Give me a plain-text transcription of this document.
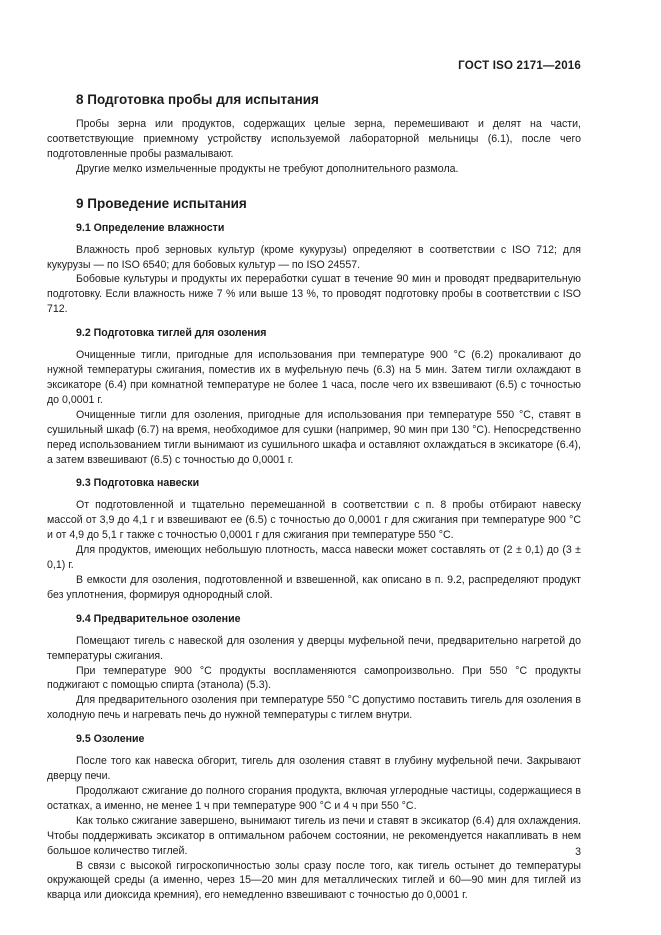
ГОСТ ISO 2171—2016
8 Подготовка пробы для испытания

Пробы зерна или продуктов, содержащих целые зерна, перемешивают и делят на части, соответствующие приемному устройству используемой лабораторной мельницы (6.1), после чего подготовленные пробы размалывают.

Другие мелко измельченные продукты не требуют дополнительного размола.

9 Проведение испытания
9.1 Определение влажности

Влажность проб зерновых культур (кроме кукурузы) определяют в соответствии с ISO 712; для кукурузы — по ISO 6540; для бобовых культур — по ISO 24557.

Бобовые культуры и продукты их переработки сушат в течение 90 мин и проводят предварительную подготовку. Если влажность ниже 7 % или выше 13 %, то проводят подготовку пробы в соответствии с ISO 712.

9.2 Подготовка тиглей для озоления

Очищенные тигли, пригодные для использования при температуре 900 °С (6.2) прокаливают до нужной температуры сжигания, поместив их в муфельную печь (6.3) на 5 мин. Затем тигли охлаждают в эксикаторе (6.4) при комнатной температуре не более 1 часа, после чего их взвешивают (6.5) с точностью до 0,0001 г.

Очищенные тигли для озоления, пригодные для использования при температуре 550 °С, ставят в сушильный шкаф (6.7) на время, необходимое для сушки (например, 90 мин при 130 °С). Непосредственно перед использованием тигли вынимают из сушильного шкафа и оставляют охлаждаться в эксикаторе (6.4), а затем взвешивают (6.5) с точностью до 0,0001 г.

9.3 Подготовка навески

От подготовленной и тщательно перемешанной в соответствии с п. 8 пробы отбирают навеску массой от 3,9 до 4,1 г и взвешивают ее (6.5) с точностью до 0,0001 г для сжигания при температуре 900 °С и от 4,9 до 5,1 г также с точностью 0,0001 г для сжигания при температуре 550 °С.

Для продуктов, имеющих небольшую плотность, масса навески может составлять от (2 ± 0,1) до (3 ± 0,1) г.

В емкости для озоления, подготовленной и взвешенной, как описано в п. 9.2, распределяют продукт без уплотнения, формируя однородный слой.

9.4 Предварительное озоление

Помещают тигель с навеской для озоления у дверцы муфельной печи, предварительно нагретой до температуры сжигания.

При температуре 900 °С продукты воспламеняются самопроизвольно. При 550 °С продукты поджигают с помощью спирта (этанола) (5.3).

Для предварительного озоления при температуре 550 °С допустимо поставить тигель для озоления в холодную печь и нагревать печь до нужной температуры с тиглем внутри.

9.5 Озоление

После того как навеска обгорит, тигель для озоления ставят в глубину муфельной печи. Закрывают дверцу печи.

Продолжают сжигание до полного сгорания продукта, включая углеродные частицы, содержащиеся в остатках, а именно, не менее 1 ч при температуре 900 °С и 4 ч при 550 °С.

Как только сжигание завершено, вынимают тигель из печи и ставят в эксикатор (6.4) для охлаждения. Чтобы поддерживать эксикатор в оптимальном рабочем состоянии, не рекомендуется накапливать в нем большое количество тиглей.

В связи с высокой гигроскопичностью золы сразу после того, как тигель остынет до температуры окружающей среды (а именно, через 15—20 мин для металлических тиглей и 60—90 мин для тиглей из кварца или диоксида кремния), его немедленно взвешивают с точностью до 0,0001 г.

3
